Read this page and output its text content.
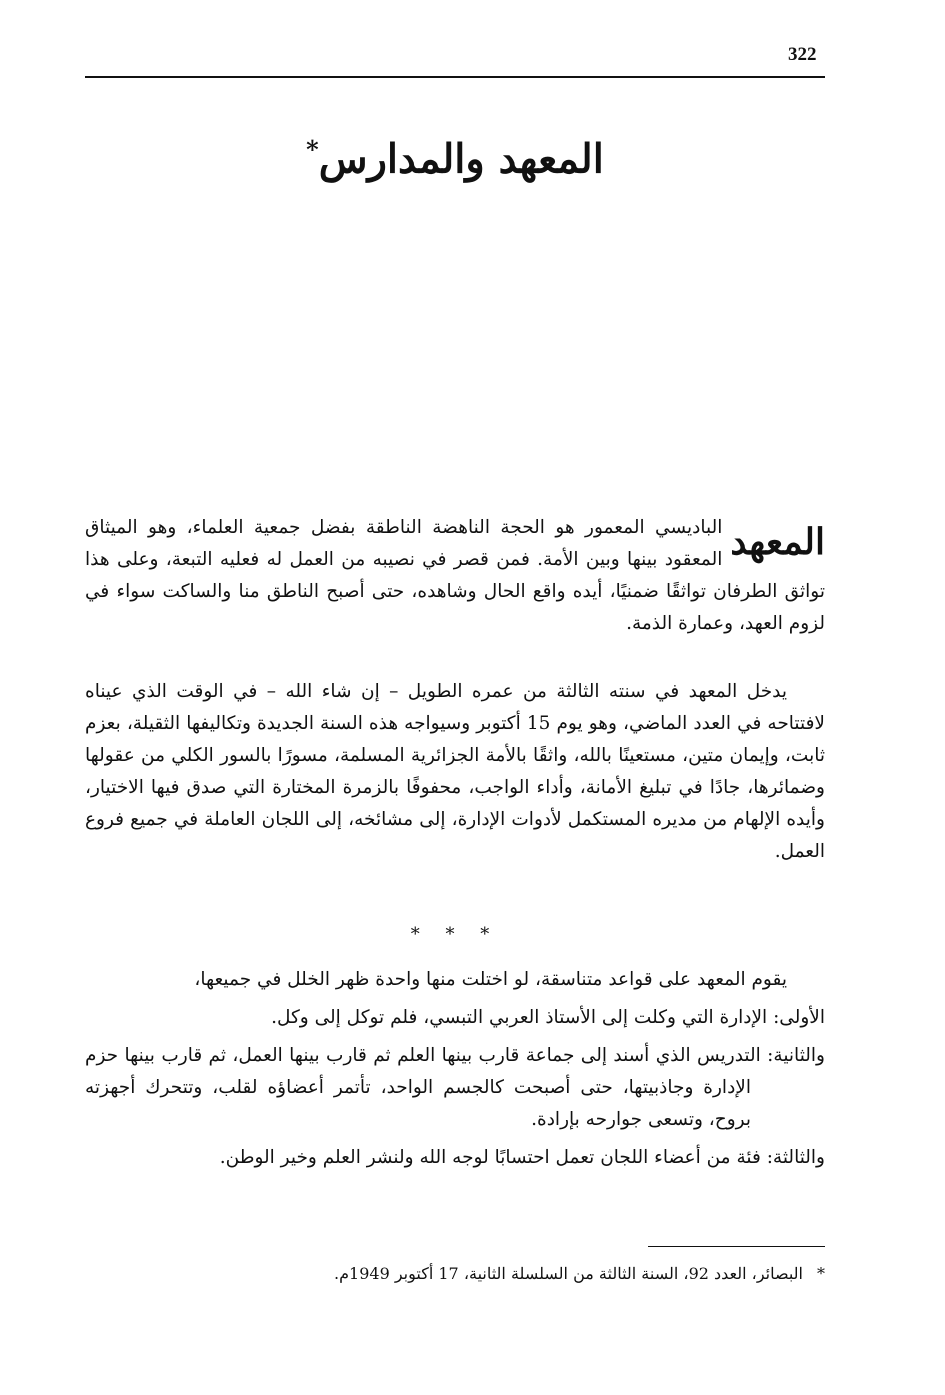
322
المعهد والمدارس*
المعهد
الباديسي المعمور هو الحجة الناهضة الناطقة بفضل جمعية العلماء، وهو الميثاق المعقود بينها وبين الأمة. فمن قصر في نصيبه من العمل له فعليه التبعة، وعلى هذا تواثق الطرفان تواثقًا ضمنيًا، أيده واقع الحال وشاهده، حتى أصبح الناطق منا والساكت سواء في لزوم العهد، وعمارة الذمة.
يدخل المعهد في سنته الثالثة من عمره الطويل – إن شاء الله – في الوقت الذي عيناه لافتتاحه في العدد الماضي، وهو يوم 15 أكتوبر وسيواجه هذه السنة الجديدة وتكاليفها الثقيلة، بعزم ثابت، وإيمان متين، مستعينًا بالله، واثقًا بالأمة الجزائرية المسلمة، مسورًا بالسور الكلي من عقولها وضمائرها، جادًا في تبليغ الأمانة، وأداء الواجب، محفوفًا بالزمرة المختارة التي صدق فيها الاختيار، وأيده الإلهام من مديره المستكمل لأدوات الإدارة، إلى مشائخه، إلى اللجان العاملة في جميع فروع العمل.
* * *
يقوم المعهد على قواعد متناسقة، لو اختلت منها واحدة ظهر الخلل في جميعها،
الأولى: الإدارة التي وكلت إلى الأستاذ العربي التبسي، فلم توكل إلى وكل.
والثانية: التدريس الذي أسند إلى جماعة قارب بينها العلم ثم قارب بينها العمل، ثم قارب بينها حزم الإدارة وجاذبيتها، حتى أصبحت كالجسم الواحد، تأتمر أعضاؤه لقلب، وتتحرك أجهزته بروح، وتسعى جوارحه بإرادة.
والثالثة: فئة من أعضاء اللجان تعمل احتسابًا لوجه الله ولنشر العلم وخير الوطن.
*البصائر، العدد 92، السنة الثالثة من السلسلة الثانية، 17 أكتوبر 1949م.
